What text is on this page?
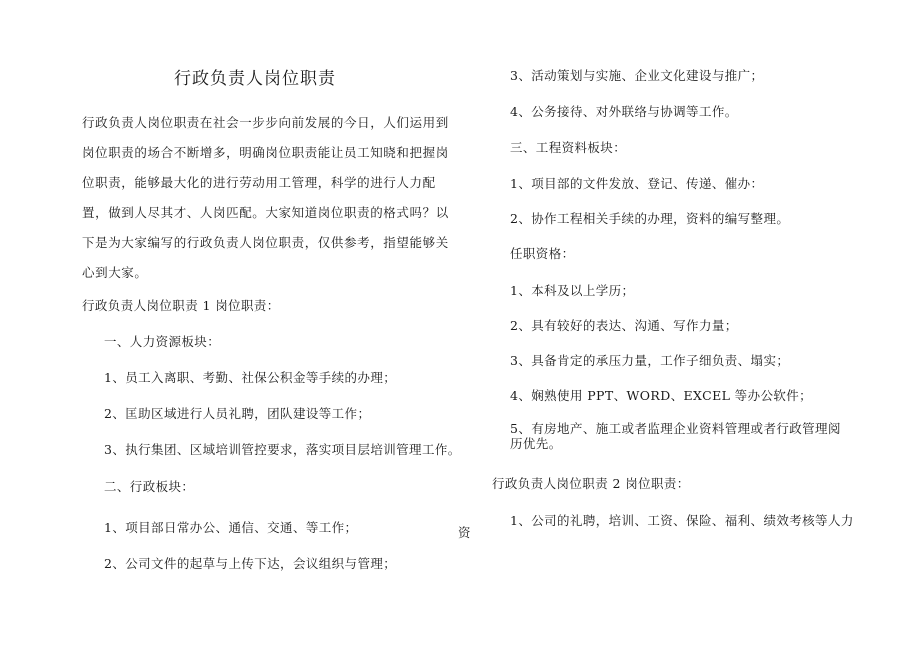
行政负责人岗位职责
行政负责人岗位职责在社会一步步向前发展的今日，人们运用到岗位职责的场合不断增多，明确岗位职责能让员工知晓和把握岗位职责，能够最大化的进行劳动用工管理，科学的进行人力配置，做到人尽其才、人岗匹配。大家知道岗位职责的格式吗？以下是为大家编写的行政负责人岗位职责，仅供参考，指望能够关心到大家。
行政负责人岗位职责 1 岗位职责：
一、人力资源板块：
1、员工入离职、考勤、社保公积金等手续的办理；
2、匡助区域进行人员礼聘，团队建设等工作；
3、执行集团、区域培训管控要求，落实项目层培训管理工作。
二、行政板块：
1、项目部日常办公、通信、交通、等工作；
2、公司文件的起草与上传下达，会议组织与管理；
资
3、活动策划与实施、企业文化建设与推广；
4、公务接待、对外联络与协调等工作。
三、工程资料板块：
1、项目部的文件发放、登记、传递、催办：
2、协作工程相关手续的办理，资料的编写整理。
任职资格：
1、本科及以上学历；
2、具有较好的表达、沟通、写作力量；
3、具备肯定的承压力量，工作子细负责、塌实；
4、娴熟使用 PPT、WORD、EXCEL 等办公软件；
5、有房地产、施工或者监理企业资料管理或者行政管理阅历优先。
行政负责人岗位职责 2 岗位职责：
1、公司的礼聘，培训、工资、保险、福利、绩效考核等人力
